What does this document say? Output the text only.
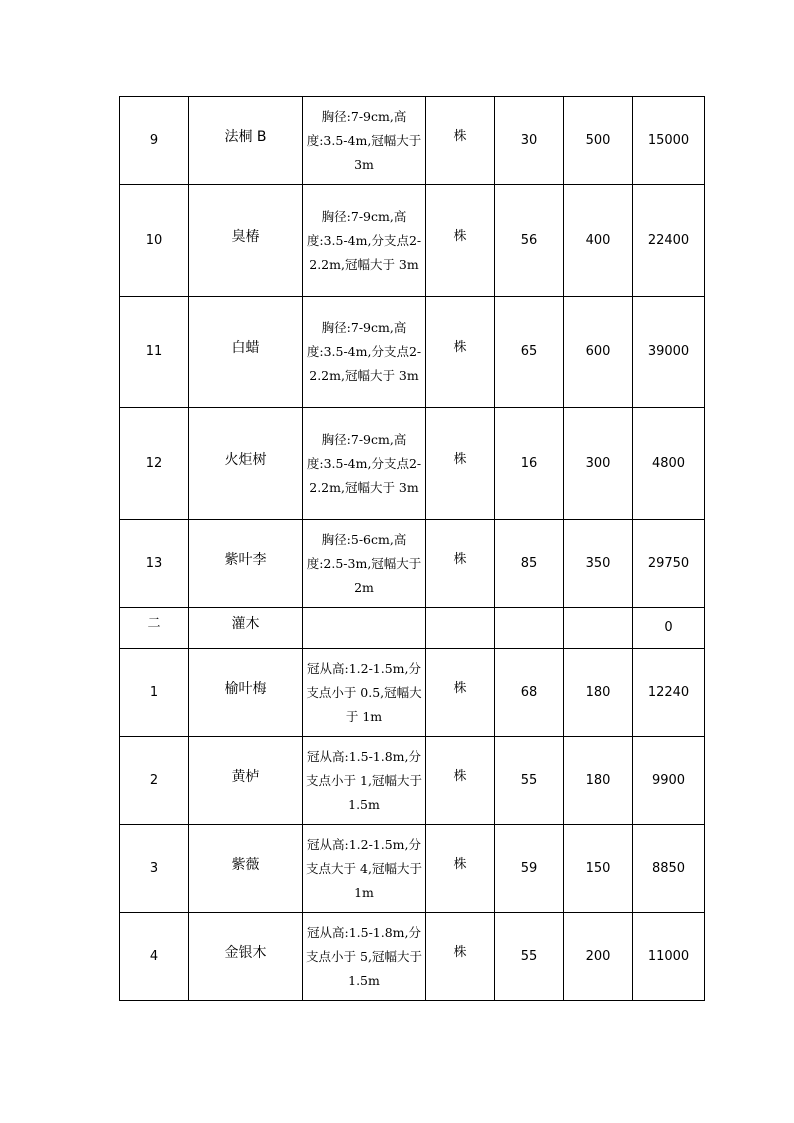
9	法桐 B	胸径:7-9cm,高度:3.5-4m,冠幅大于 3m	株	30	500	15000
10	臭椿	胸径:7-9cm,高度:3.5-4m,分支点2-2.2m,冠幅大于 3m	株	56	400	22400
11	白蜡	胸径:7-9cm,高度:3.5-4m,分支点2-2.2m,冠幅大于 3m	株	65	600	39000
12	火炬树	胸径:7-9cm,高度:3.5-4m,分支点2-2.2m,冠幅大于 3m	株	16	300	4800
13	紫叶李	胸径:5-6cm,高度:2.5-3m,冠幅大于 2m	株	85	350	29750
二	灌木					0
1	榆叶梅	冠从高:1.2-1.5m,分支点小于 0.5,冠幅大于 1m	株	68	180	12240
2	黄栌	冠从高:1.5-1.8m,分支点小于 1,冠幅大于 1.5m	株	55	180	9900
3	紫薇	冠从高:1.2-1.5m,分支点大于 4,冠幅大于 1m	株	59	150	8850
4	金银木	冠从高:1.5-1.8m,分支点小于 5,冠幅大于 1.5m	株	55	200	11000
